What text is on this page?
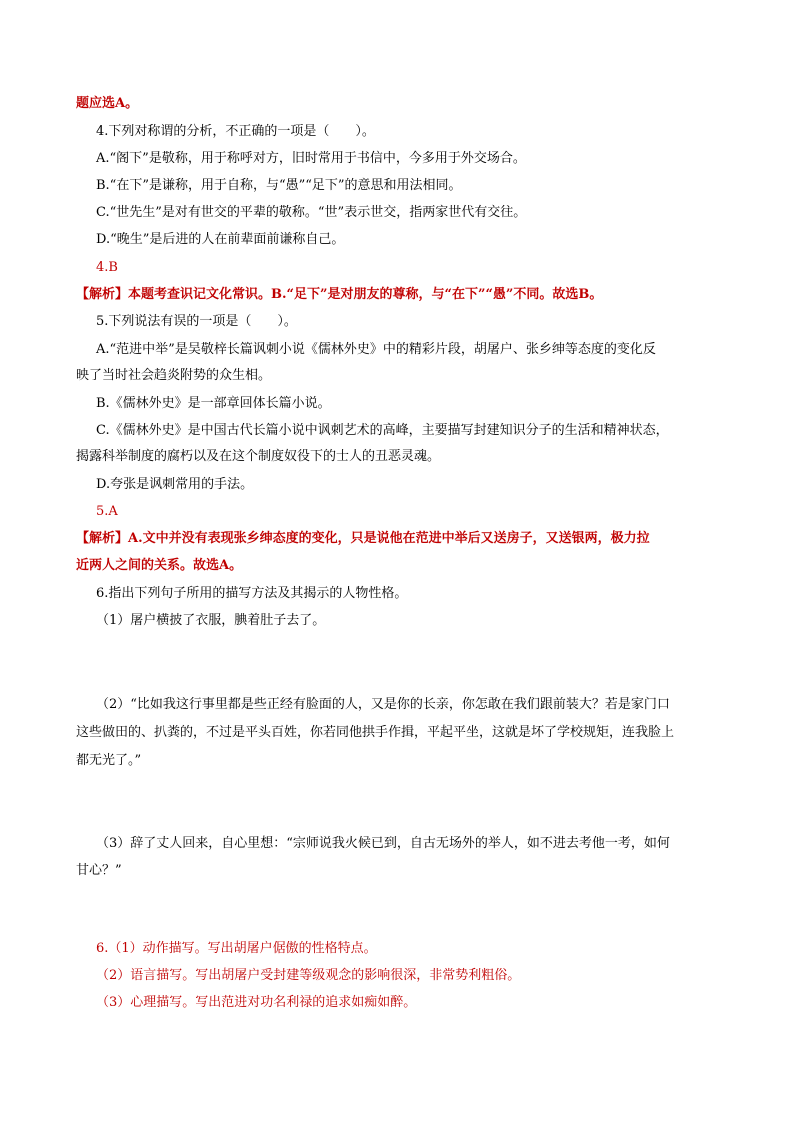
题应选A。
4.下列对称谓的分析，不正确的一项是（　　）。
A.“阁下”是敬称，用于称呼对方，旧时常用于书信中，今多用于外交场合。
B.“在下”是谦称，用于自称，与“愚”“足下”的意思和用法相同。
C.“世先生”是对有世交的平辈的敬称。“世”表示世交，指两家世代有交往。
D.“晚生”是后进的人在前辈面前谦称自己。
4.B
【解析】本题考查识记文化常识。B.“足下”是对朋友的尊称，与“在下”“愚”不同。故选B。
5.下列说法有误的一项是（　　）。
A.“范进中举”是吴敬梓长篇讽刺小说《儒林外史》中的精彩片段，胡屠户、张乡绅等态度的变化反
映了当时社会趋炎附势的众生相。
B.《儒林外史》是一部章回体长篇小说。
C.《儒林外史》是中国古代长篇小说中讽刺艺术的高峰，主要描写封建知识分子的生活和精神状态，
揭露科举制度的腐朽以及在这个制度奴役下的士人的丑恶灵魂。
D.夸张是讽刺常用的手法。
5.A
【解析】A.文中并没有表现张乡绅态度的变化，只是说他在范进中举后又送房子，又送银两，极力拉
近两人之间的关系。故选A。
6.指出下列句子所用的描写方法及其揭示的人物性格。
（1）屠户横披了衣服，腆着肚子去了。
（2）“比如我这行事里都是些正经有脸面的人，又是你的长亲，你怎敢在我们跟前装大？若是家门口
这些做田的、扒粪的，不过是平头百姓，你若同他拱手作揖，平起平坐，这就是坏了学校规矩，连我脸上
都无光了。”
（3）辞了丈人回来，自心里想：“宗师说我火候已到，自古无场外的举人，如不进去考他一考，如何
甘心？”
6.（1）动作描写。写出胡屠户倨傲的性格特点。
（2）语言描写。写出胡屠户受封建等级观念的影响很深，非常势利粗俗。
（3）心理描写。写出范进对功名利禄的追求如痴如醉。
